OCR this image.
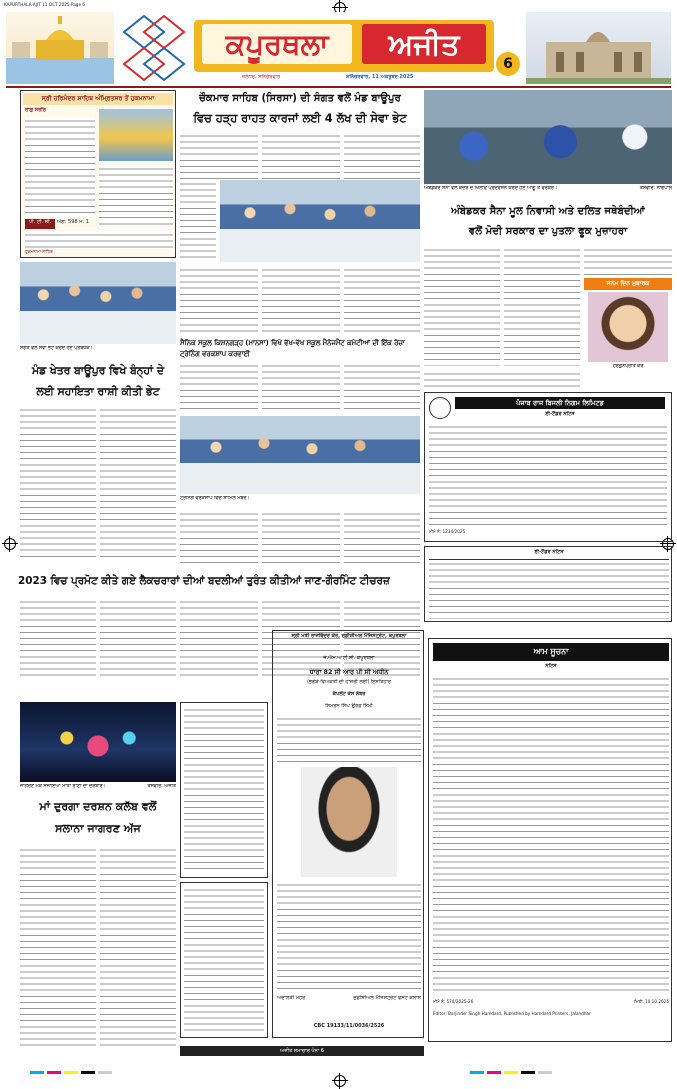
KAPURTHALA-AJIT 11 OCT 2025 Page 6
ਕਪੂਰਥਲਾ	ਅਜੀਤ
ਜਲੰਧਰ, ਸ਼ਨਿਚਰਵਾਰ	ਸ਼ਨਿੱਚਰਵਾਰ, 11 ਅਕਤੂਬਰ 2025
6
ਸ੍ਰੀ ਹਰਿਮੰਦਰ ਸਾਹਿਬ ਅੰਮ੍ਰਿਤਸਰ ਤੋਂ ਹੁਕਮਨਾਮਾ
ਰਾਗੁ ਸੋਰਠਿ
ਪੀ. ਟੀ. ਸੀ.	ਅੰਗ: 598 ਮ: 1
ਹੁਕਮਨਾਮਾ ਸਾਹਿਬ
ਸੰਗਤ ਵਲੋਂ ਸੇਵਾ ਭੇਟ ਕਰਦੇ ਹੋਏ ਪ੍ਰਬੰਧਕ।
ਮੰਡ ਖੇਤਰ ਬਾਊਪੁਰ ਵਿਖੇ ਬੰਨ੍ਹਾਂ ਦੇ
ਲਈ ਸਹਾਇਤਾ ਰਾਸ਼ੀ ਕੀਤੀ ਭੇਟ
ਚੌਕਮਾਰ ਸਾਹਿਬ (ਸਿਰਸਾ) ਦੀ ਸੰਗਤ ਵਲੋਂ ਮੰਡ ਬਾਊਪੁਰ
ਵਿਚ ਹੜ੍ਹ ਰਾਹਤ ਕਾਰਜਾਂ ਲਈ 4 ਲੱਖ ਦੀ ਸੇਵਾ ਭੇਟ
ਸੈਨਿਕ ਸਕੂਲ ਕਿਸ਼ਨਗੜ੍ਹ (ਮਾਨਸਾ) ਵਿਖੇ ਵੱਖ-ਵੱਖ ਸਕੂਲ ਮੈਨੇਜਮੈਂਟ ਕਮੇਟੀਆਂ ਦੀ ਇੱਕ ਰੋਜ਼ਾ ਟ੍ਰੇਨਿੰਗ ਵਰਕਸ਼ਾਪ ਕਰਵਾਈ
ਟ੍ਰੇਨਿੰਗ ਵਰਕਸ਼ਾਪ ਵਿਚ ਸ਼ਾਮਿਲ ਮੈਂਬਰ।
ਅੰਬੇਡਕਰ ਸੈਨਾ ਵਲੋਂ ਕੇਂਦਰ ਦੇ ਖਿਲਾਫ਼ ਪ੍ਰਦਰਸ਼ਨ ਕਰਦੇ ਹੋਏ ਆਗੂ ਤੇ ਵਰਕਰ।	ਤਸਵੀਰ: ਨਾਗਪਾਲ
ਅੰਬੇਡਕਰ ਸੈਨਾ ਮੂਲ ਨਿਵਾਸੀ ਅਤੇ ਦਲਿਤ ਜਥੇਬੰਦੀਆਂ
ਵਲੋਂ ਮੋਦੀ ਸਰਕਾਰ ਦਾ ਪੁਤਲਾ ਫੂਕ ਮੁਜ਼ਾਹਰਾ
ਜਨਮ ਦਿਨ ਮੁਬਾਰਕ
ਹਰਗੁਨਪ੍ਰੀਤ ਕੌਰ
ਪੰਜਾਬ ਰਾਜ ਬਿਜਲੀ ਨਿਗਮ ਲਿਮਿਟਡ
ਈ-ਟੈਂਡਰ ਨੋਟਿਸ
ਮੀਮੋ ਨੰ: 1234/2025
ਈ-ਟੈਂਡਰ ਨੋਟਿਸ
2023 ਵਿਚ ਪ੍ਰਮੋਟ ਕੀਤੇ ਗਏ ਲੈਕਚਰਾਰਾਂ ਦੀਆਂ ਬਦਲੀਆਂ ਤੁਰੰਤ ਕੀਤੀਆਂ ਜਾਣ-ਗੌਰਮਿੰਟ ਟੀਚਰਜ਼
ਸ੍ਰੀ ਮਤੀ ਰਾਜਵਿੰਦਰ ਕੌਰ, ਜੁਡੀਸ਼ੀਅਲ ਮੈਜਿਸਟ੍ਰੇਟ, ਕਪੂਰਥਲਾ
ਜੇ.ਐਮ.ਆਈ.ਸੀ. ਕਪੂਰਥਲਾ
ਧਾਰਾ 82 ਸੀ ਆਰ ਪੀ ਸੀ ਅਧੀਨ
(ਭਗੌੜੇ ਵਿਅਕਤੀ ਦੀ ਹਾਜ਼ਰੀ ਲਈ) ਇਸ਼ਤਿਹਾਰ
ਕੰਪਲੇਂਟ ਕੇਸ ਨੰਬਰ
ਸਿਮਰਨ ਸਿੰਘ ਉਰਫ਼ ਸਿੰਮੀ
ਅਦਾਲਤੀ ਮੋਹਰ	ਜੁਡੀਸ਼ੀਅਲ ਮੈਜਿਸਟ੍ਰੇਟ ਫਸਟ ਕਲਾਸ
CBC 19133/11/0036/2526
ਜਾਗਰਣ ਮੌਕੇ ਸਜਾਇਆ ਮਾਤਾ ਰਾਣੀ ਦਾ ਦਰਬਾਰ।	ਤਸਵੀਰ: ਅਜੀਤ
ਮਾਂ ਦੁਰਗਾ ਦਰਸ਼ਨ ਕਲੱਬ ਵਲੋਂ
ਸਲਾਨਾ ਜਾਗਰਣ ਅੱਜ
ਆਮ ਸੂਚਨਾ
ਨੋਟਿਸ
ਮੀਮੋ ਨੰ: 574/2025-26	ਮਿਤੀ: 10.10.2025
Editor: Barjinder Singh Hamdard, Published by Hamdard Printers, Jalandhar
ਅਜੀਤ ਸਮਾਚਾਰ ਪੰਨਾ 6
